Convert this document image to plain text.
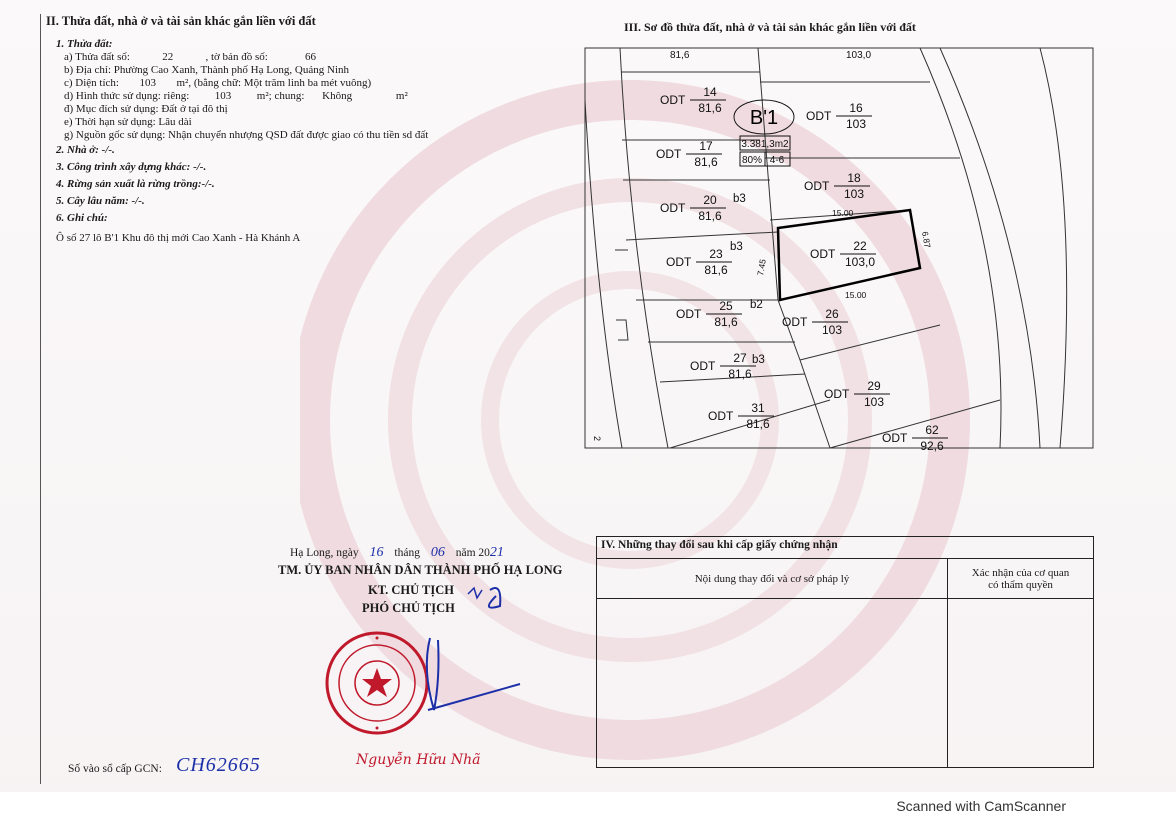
II. Thửa đất, nhà ở và tài sản khác gắn liền với đất
1. Thửa đất:
a) Thửa đất số:	22	, tờ bản đồ số:	66
b) Địa chỉ: Phường Cao Xanh, Thành phố Hạ Long, Quảng Ninh
c) Diện tích: 103 m², (bằng chữ: Một trăm linh ba mét vuông)
d) Hình thức sử dụng: riêng: 103 m²; chung: Không	m²
đ) Mục đích sử dụng: Đất ở tại đô thị
e) Thời hạn sử dụng: Lâu dài
g) Nguồn gốc sử dụng: Nhận chuyển nhượng QSD đất được giao có thu tiền sd đất
2. Nhà ở: -/-.
3. Công trình xây dựng khác: -/-.
4. Rừng sản xuất là rừng trồng:-/-.
5. Cây lâu năm: -/-.
6. Ghi chú:
Ô số 27 lô B'1 Khu đô thị mới Cao Xanh - Hà Khánh A
III. Sơ đồ thửa đất, nhà ở và tài sản khác gắn liền với đất
B'1
3.381,3m2
80% 4-6
81,6	103,0
ODT
14
81,6
ODT
16
103
ODT
17
81,6
ODT
18
103
ODT
20
81,6
ODT
22
103,0
ODT
23
81,6
ODT
25
81,6	ODT
26
103
ODT
27
81,6
ODT
29
103
ODT
31
81,6
ODT
62
92,6
b3
b3
b2
b3
15.00
15.00
7.45
6.87
2
Hạ Long, ngày 16 tháng 06 năm 2021
TM. ỦY BAN NHÂN DÂN THÀNH PHỐ HẠ LONG
KT. CHỦ TỊCH
PHÓ CHỦ TỊCH
Nguyễn Hữu Nhã
Số vào sổ cấp GCN: CH62665
IV. Những thay đổi sau khi cấp giấy chứng nhận	
Nội dung thay đổi và cơ sở pháp lý	Xác nhận của cơ quan
có thẩm quyền

Scanned with CamScanner
